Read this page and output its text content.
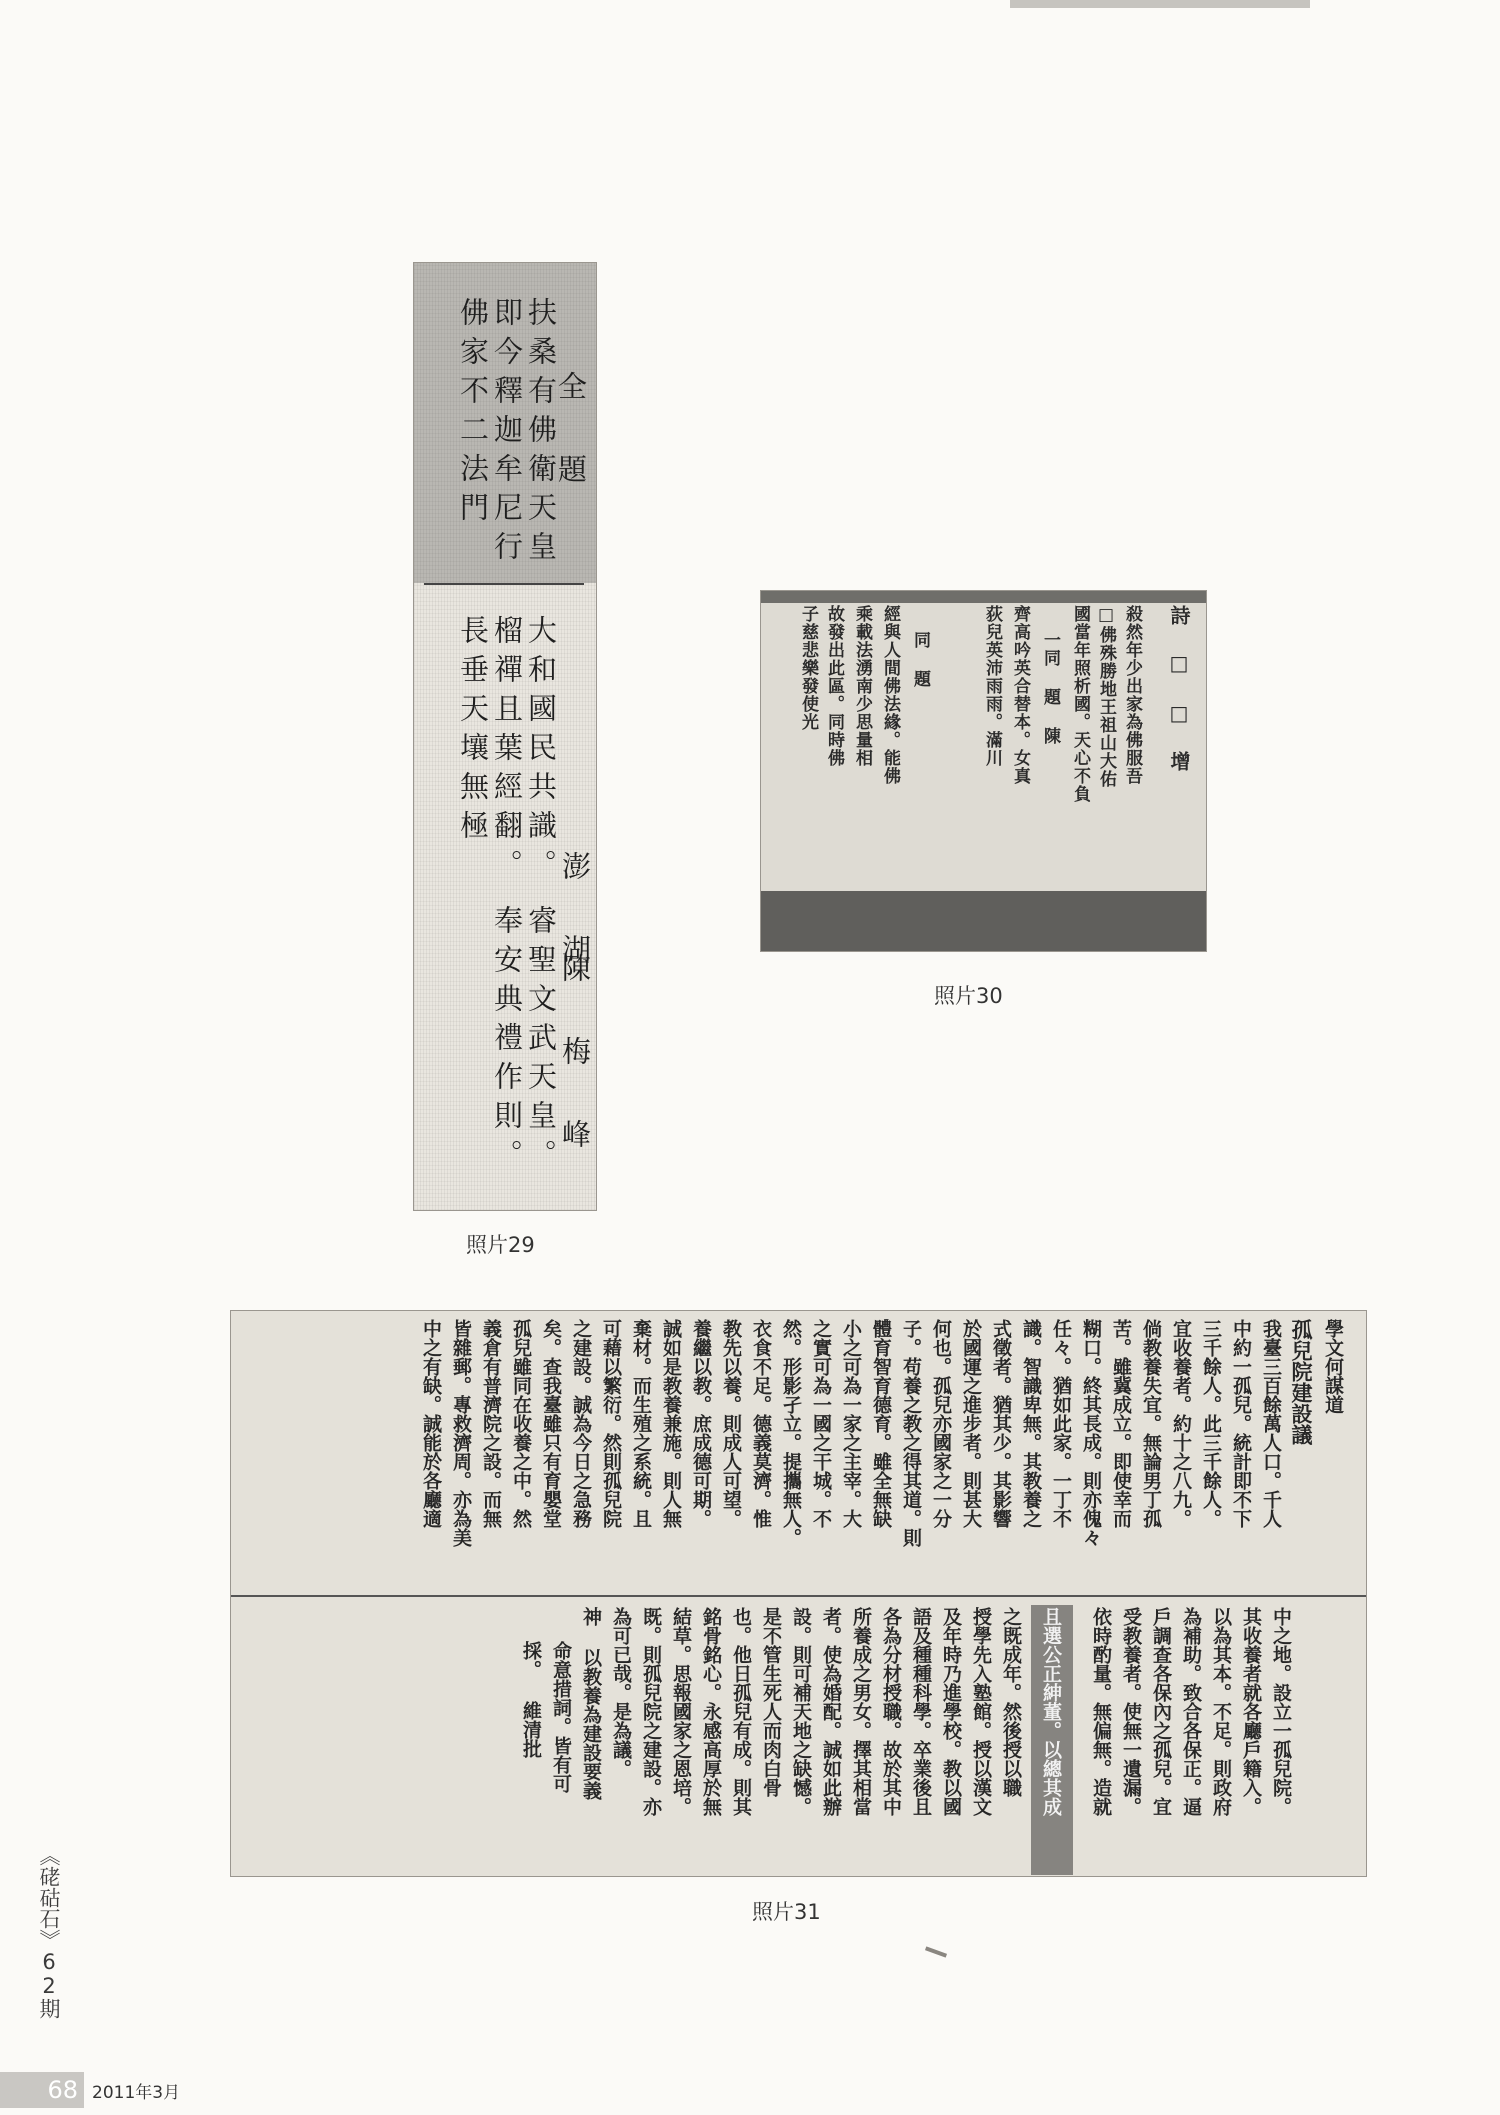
全 題
扶桑有佛衛天皇
即今釋迦牟尼行
佛家不二法門
大和國民共識。
榴禪且葉經翻。
長垂天壤無極
澎 湖
睿聖文武天皇。
奉安典禮作則。 陳 梅 峰
照片29
詩 □ □ 增
殺然年少出家為佛服吾
□佛殊勝地王祖山大佑
國當年照析國。天心不負
一同 題 陳
齊高吟英合替本。女真
荻兒英沛雨雨。滿川
同 題
經與人間佛法緣。能佛
乘載法湧南少思量相
故發出此區。同時佛
子慈悲樂發使光
照片30
學文何謀道
孤兒院建設議
我臺三百餘萬人口。千人
中約一孤兒。統計即不下
三千餘人。此三千餘人。
宜收養者。約十之八九。
倘教養失宜。無論男丁孤
苦。雖冀成立。即使幸而
糊口。終其長成。則亦傀々
任々。猶如此家。一丁不
識。智識卑無。其教養之
式徵者。猶其少。其影響
於國運之進步者。則甚大
何也。孤兒亦國家之一分
子。苟養之教之得其道。則
體育智育德育。雖全無缺
小之可為一家之主宰。大
之實可為一國之干城。不
然。形影孑立。提攜無人。
衣食不足。德義莫濟。惟
教先以養。則成人可望。
養繼以教。庶成德可期。
誠如是教養兼施。則人無
棄材。而生殖之系統。且
可藉以繁衍。然則孤兒院
之建設。誠為今日之急務
矣。查我臺雖只有育嬰堂
孤兒雖同在收養之中。然
義倉有普濟院之設。而無
皆雜郵。專救濟周。亦為美
中之有缺。誠能於各廳適
中之地。設立一孤兒院。
其收養者就各廳戶籍入。
以為其本。不足。則政府
為補助。致合各保正。逼
戶調查各保內之孤兒。宜
受教養者。使無一遺漏。
且選公正紳董。以總其成 依時酌量。無偏無。造就
之既成年。然後授以職
授學先入塾館。授以漢文
及年時乃進學校。教以國
語及種種科學。卒業後且
各為分材授職。故於其中
所養成之男女。擇其相當
者。使為婚配。誠如此辦
設。則可補天地之缺憾。
是不管生死人而肉白骨
也。他日孤兒有成。則其
銘骨銘心。永感高厚於無
結草。思報國家之恩培。
既。則孤兒院之建設。亦
為可已哉。是為議。
神 以教養為建設要義
命意措詞。皆有可
採。 維清批
照片31
《硓𥑮石》62期
68 2011年3月
